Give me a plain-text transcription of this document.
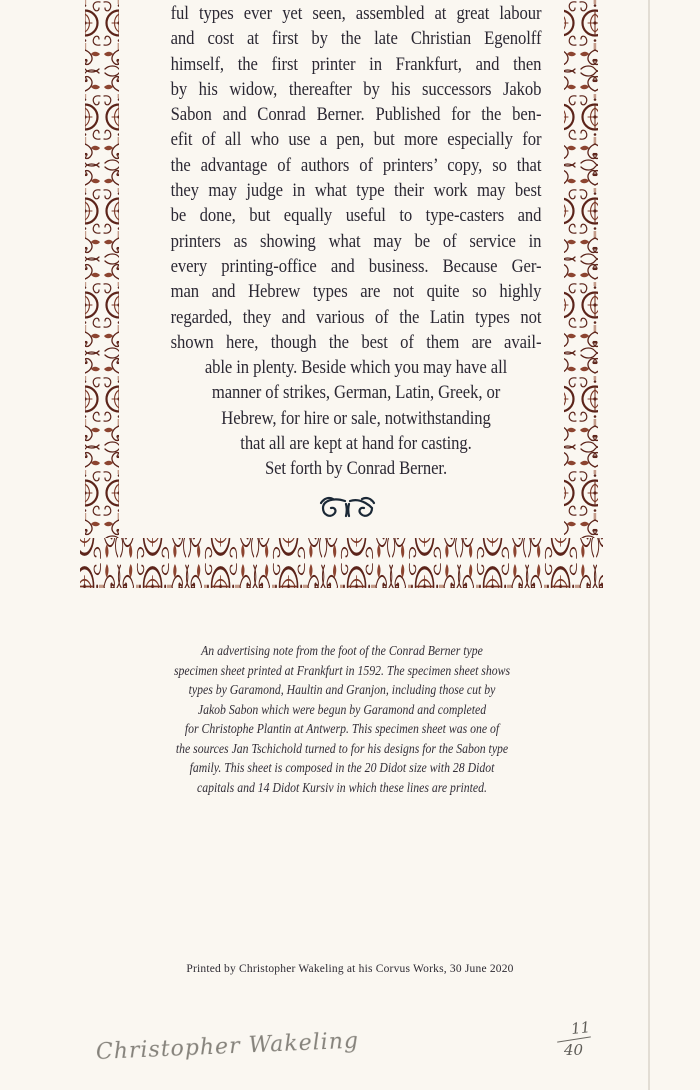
ful types ever yet seen, assembled at great labour
and cost at first by the late Christian Egenolff
himself, the first printer in Frankfurt, and then
by his widow, thereafter by his successors Jakob
Sabon and Conrad Berner. Published for the ben-
efit of all who use a pen, but more especially for
the advantage of authors of printers’ copy, so that
they may judge in what type their work may best
be done, but equally useful to type-casters and
printers as showing what may be of service in
every printing-office and business. Because Ger-
man and Hebrew types are not quite so highly
regarded, they and various of the Latin types not
shown here, though the best of them are avail-
able in plenty. Beside which you may have all
manner of strikes, German, Latin, Greek, or
Hebrew, for hire or sale, notwithstanding
that all are kept at hand for casting.
Set forth by Conrad Berner.
An advertising note from the foot of the Conrad Berner type
specimen sheet printed at Frankfurt in 1592. The specimen sheet shows
types by Garamond, Haultin and Granjon, including those cut by
Jakob Sabon which were begun by Garamond and completed
for Christophe Plantin at Antwerp. This specimen sheet was one of
the sources Jan Tschichold turned to for his designs for the Sabon type
family. This sheet is composed in the 20 Didot size with 28 Didot
capitals and 14 Didot Kursiv in which these lines are printed.
Printed by Christopher Wakeling at his Corvus Works, 30 June 2020
Christopher Wakeling
11
40
